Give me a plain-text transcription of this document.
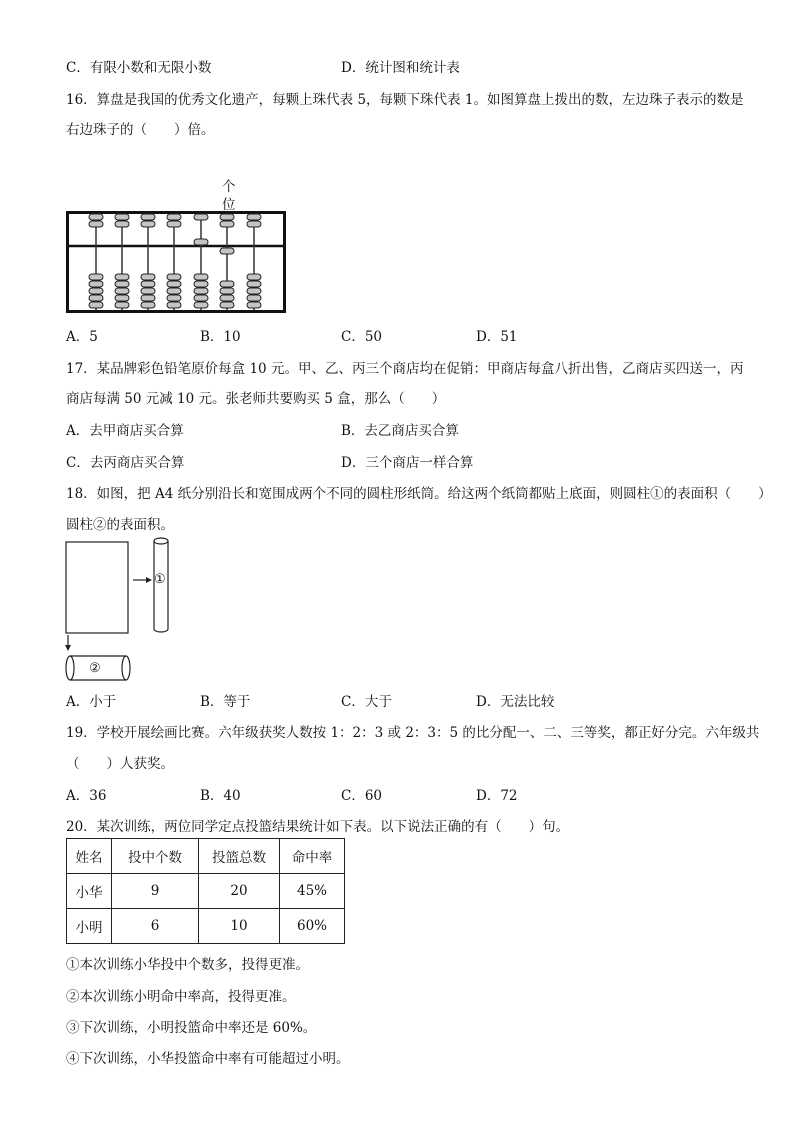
C．有限小数和无限小数	D．统计图和统计表
16．算盘是我国的优秀文化遗产，每颗上珠代表 5，每颗下珠代表 1。如图算盘上拨出的数，左边珠子表示的数是
右边珠子的（　　）倍。
个
位
A．5	B．10	C．50	D．51
17．某品牌彩色铅笔原价每盒 10 元。甲、乙、丙三个商店均在促销：甲商店每盒八折出售，乙商店买四送一，丙
商店每满 50 元减 10 元。张老师共要购买 5 盒，那么（　　）
A．去甲商店买合算	B．去乙商店买合算
C．去丙商店买合算	D．三个商店一样合算
18．如图，把 A4 纸分别沿长和宽围成两个不同的圆柱形纸筒。给这两个纸筒都贴上底面，则圆柱①的表面积（　　）
圆柱②的表面积。
①
②
A．小于	B．等于	C．大于	D．无法比较
19．学校开展绘画比赛。六年级获奖人数按 1：2：3 或 2：3：5 的比分配一、二、三等奖，都正好分完。六年级共
（　　）人获奖。
A．36	B．40	C．60	D．72
20．某次训练，两位同学定点投篮结果统计如下表。以下说法正确的有（　　）句。
姓名	投中个数	投篮总数	命中率
小华	9	20	45%
小明	6	10	60%
①本次训练小华投中个数多，投得更准。
②本次训练小明命中率高，投得更准。
③下次训练，小明投篮命中率还是 60%。
④下次训练，小华投篮命中率有可能超过小明。
